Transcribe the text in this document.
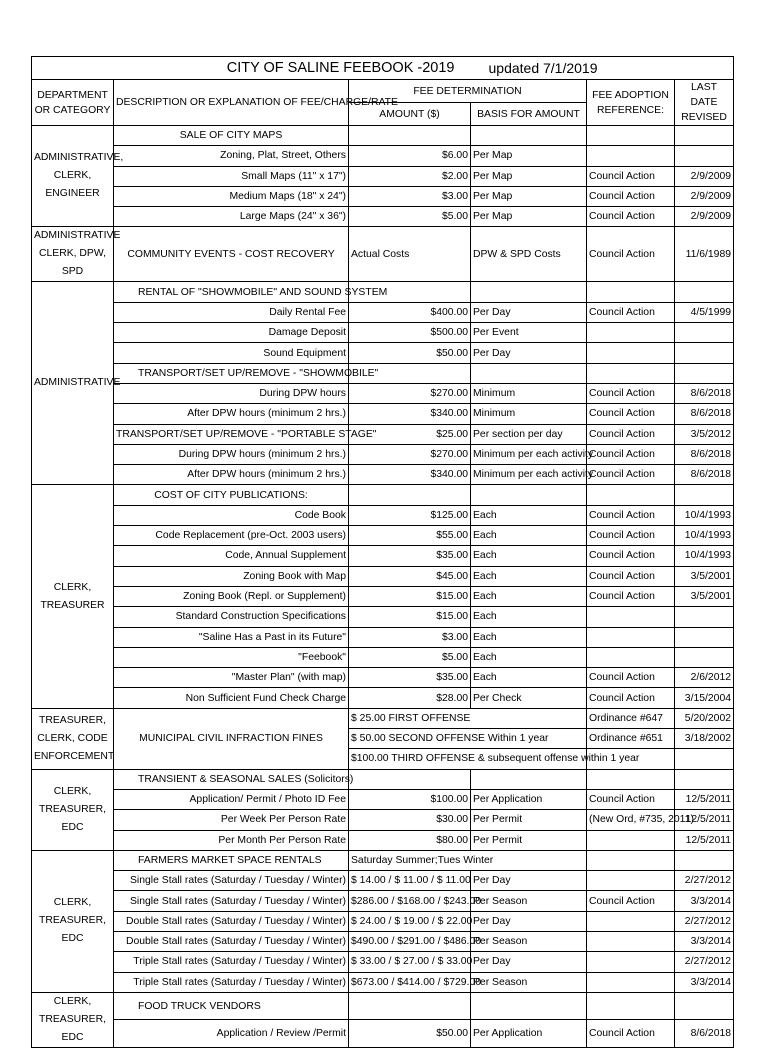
CITY OF SALINE FEEBOOK -2019			updated 7/1/2019			
DEPARTMENT OR CATEGORY	DESCRIPTION OR EXPLANATION OF FEE/CHARGE/RATE	FEE DETERMINATION		FEE ADOPTION REFERENCE:	LAST DATE REVISED	
		AMOUNT ($)	BASIS FOR AMOUNT			
ADMINISTRATIVE, CLERK, ENGINEER	SALE OF CITY MAPS					
	Zoning, Plat, Street, Others	$6.00	Per Map			
	Small Maps (11" x 17")	$2.00	Per Map	Council Action	2/9/2009	
	Medium Maps (18" x 24")	$3.00	Per Map	Council Action	2/9/2009	
	Large Maps (24" x 36")	$5.00	Per Map	Council Action	2/9/2009	
ADMINISTRATIVE CLERK, DPW, SPD	COMMUNITY EVENTS - COST RECOVERY	Actual Costs	DPW & SPD Costs	Council Action	11/6/1989	

ADMINISTRATIVE	RENTAL OF "SHOWMOBILE" AND SOUND SYSTEM					
	Daily Rental Fee	$400.00	Per Day	Council Action	4/5/1999	
	Damage Deposit	$500.00	Per Event			
	Sound Equipment	$50.00	Per Day			
	TRANSPORT/SET UP/REMOVE - "SHOWMOBILE"					
	During DPW hours	$270.00	Minimum	Council Action	8/6/2018	
	After DPW hours (minimum 2 hrs.)	$340.00	Minimum	Council Action	8/6/2018	
	TRANSPORT/SET UP/REMOVE - "PORTABLE STAGE"	$25.00	Per section per day	Council Action	3/5/2012	
	During DPW hours (minimum 2 hrs.)	$270.00	Minimum per each activity	Council Action	8/6/2018	
	After DPW hours (minimum 2 hrs.)	$340.00	Minimum per each activity	Council Action	8/6/2018	
CLERK, TREASURER	COST OF CITY PUBLICATIONS:					
	Code Book	$125.00	Each	Council Action	10/4/1993	
	Code Replacement (pre-Oct. 2003 users)	$55.00	Each	Council Action	10/4/1993	
	Code, Annual Supplement	$35.00	Each	Council Action	10/4/1993	
	Zoning Book with Map	$45.00	Each	Council Action	3/5/2001	
	Zoning Book (Repl. or Supplement)	$15.00	Each	Council Action	3/5/2001	
	Standard Construction Specifications	$15.00	Each			
	"Saline Has a Past in its Future"	$3.00	Each			
	"Feebook"	$5.00	Each			
	"Master Plan" (with map)	$35.00	Each	Council Action	2/6/2012	
	Non Sufficient Fund Check Charge	$28.00	Per Check	Council Action	3/15/2004	
TREASURER, CLERK, CODE ENFORCEMENT	MUNICIPAL CIVIL INFRACTION FINES	$ 25.00 FIRST OFFENSE		Ordinance #647	5/20/2002	
		$ 50.00 SECOND OFFENSE Within 1 year		Ordinance #651	3/18/2002	
		$100.00 THIRD OFFENSE & subsequent offense within 1 year				
CLERK, TREASURER, EDC	TRANSIENT & SEASONAL SALES (Solicitors)					
	Application/ Permit / Photo ID Fee	$100.00	Per Application	Council Action	12/5/2011	
	Per Week Per Person Rate	$30.00	Per Permit	(New Ord, #735, 2011)	12/5/2011	
	Per Month Per Person Rate	$80.00	Per Permit		12/5/2011	
CLERK, TREASURER, EDC	FARMERS MARKET SPACE RENTALS	Saturday Summer;Tues Winter				
	Single Stall rates (Saturday / Tuesday / Winter)	$ 14.00 / $ 11.00 / $ 11.00	Per Day		2/27/2012	
	Single Stall rates (Saturday / Tuesday / Winter)	$286.00 / $168.00 / $243.00	Per Season	Council Action	3/3/2014	
	Double Stall rates (Saturday / Tuesday / Winter)	$ 24.00 / $ 19.00 / $ 22.00	Per Day		2/27/2012	
	Double Stall rates (Saturday / Tuesday / Winter)	$490.00 / $291.00 / $486.00	Per Season		3/3/2014	
	Triple Stall rates (Saturday / Tuesday / Winter)	$ 33.00 / $ 27.00 / $ 33.00	Per Day		2/27/2012	
	Triple Stall rates (Saturday / Tuesday / Winter)	$673.00 / $414.00 / $729.00	Per Season		3/3/2014	
CLERK, TREASURER, EDC	FOOD TRUCK VENDORS					
	Application / Review /Permit	$50.00	Per Application	Council Action	8/6/2018	
